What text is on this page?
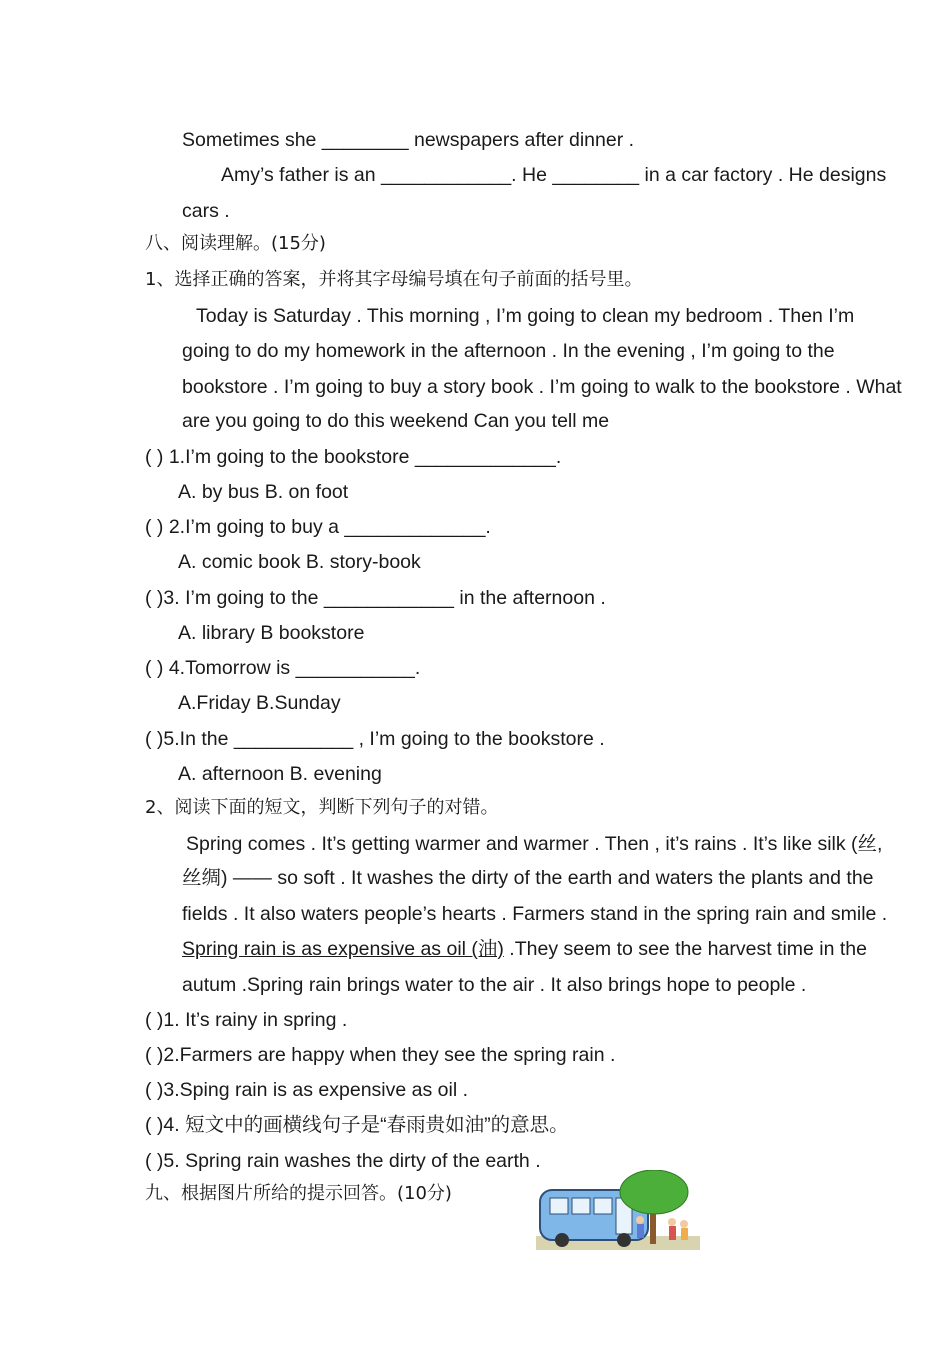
Sometimes she ________ newspapers after dinner .
Amy’s father is an ____________. He ________ in a car factory . He designs
cars .
八、阅读理解。(15分)
1、选择正确的答案，并将其字母编号填在句子前面的括号里。
Today is Saturday . This morning , I’m going to clean my bedroom . Then I’m
going to do my homework in the afternoon . In the evening , I’m going to the
bookstore . I’m going to buy a story book . I’m going to walk to the bookstore . What
are you going to do this weekend Can you tell me
( ) 1.I’m going to the bookstore _____________.
A. by bus B. on foot
( ) 2.I’m going to buy a _____________.
A. comic book B. story-book
( )3. I’m going to the ____________ in the afternoon .
A. library B bookstore
( ) 4.Tomorrow is ___________.
A.Friday B.Sunday
( )5.In the ___________ , I’m going to the bookstore .
A. afternoon B. evening
2、阅读下面的短文，判断下列句子的对错。
Spring comes . It’s getting warmer and warmer . Then , it’s rains . It’s like silk (丝,
丝绸) —— so soft . It washes the dirty of the earth and waters the plants and the
fields . It also waters people’s hearts . Farmers stand in the spring rain and smile .
Spring rain is as expensive as oil (油) .They seem to see the harvest time in the
autum .Spring rain brings water to the air . It also brings hope to people .
( )1. It’s rainy in spring .
( )2.Farmers are happy when they see the spring rain .
( )3.Sping rain is as expensive as oil .
( )4. 短文中的画横线句子是“春雨贵如油”的意思。
( )5. Spring rain washes the dirty of the earth .
九、根据图片所给的提示回答。(10分)
